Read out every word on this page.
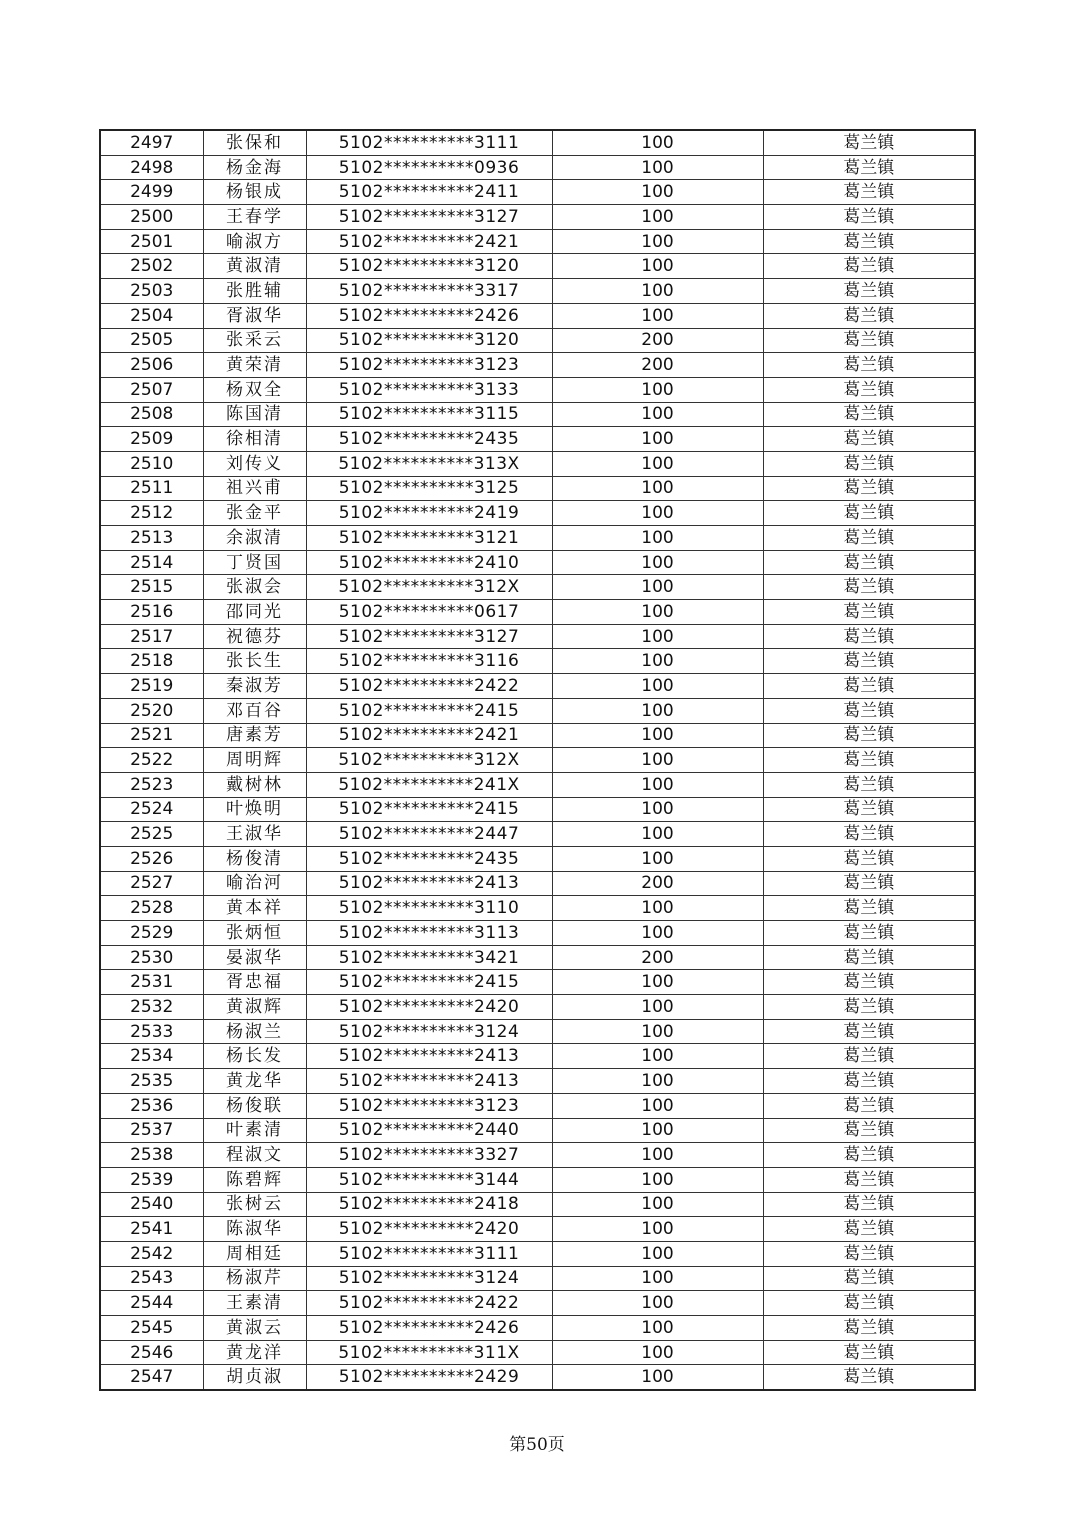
2497	张保和	5102**********3111	100	葛兰镇
2498	杨金海	5102**********0936	100	葛兰镇
2499	杨银成	5102**********2411	100	葛兰镇
2500	王春学	5102**********3127	100	葛兰镇
2501	喻淑方	5102**********2421	100	葛兰镇
2502	黄淑清	5102**********3120	100	葛兰镇
2503	张胜辅	5102**********3317	100	葛兰镇
2504	胥淑华	5102**********2426	100	葛兰镇
2505	张采云	5102**********3120	200	葛兰镇
2506	黄荣清	5102**********3123	200	葛兰镇
2507	杨双全	5102**********3133	100	葛兰镇
2508	陈国清	5102**********3115	100	葛兰镇
2509	徐相清	5102**********2435	100	葛兰镇
2510	刘传义	5102**********313X	100	葛兰镇
2511	祖兴甫	5102**********3125	100	葛兰镇
2512	张金平	5102**********2419	100	葛兰镇
2513	余淑清	5102**********3121	100	葛兰镇
2514	丁贤国	5102**********2410	100	葛兰镇
2515	张淑会	5102**********312X	100	葛兰镇
2516	邵同光	5102**********0617	100	葛兰镇
2517	祝德芬	5102**********3127	100	葛兰镇
2518	张长生	5102**********3116	100	葛兰镇
2519	秦淑芳	5102**********2422	100	葛兰镇
2520	邓百谷	5102**********2415	100	葛兰镇
2521	唐素芳	5102**********2421	100	葛兰镇
2522	周明辉	5102**********312X	100	葛兰镇
2523	戴树林	5102**********241X	100	葛兰镇
2524	叶焕明	5102**********2415	100	葛兰镇
2525	王淑华	5102**********2447	100	葛兰镇
2526	杨俊清	5102**********2435	100	葛兰镇
2527	喻治河	5102**********2413	200	葛兰镇
2528	黄本祥	5102**********3110	100	葛兰镇
2529	张炳恒	5102**********3113	100	葛兰镇
2530	晏淑华	5102**********3421	200	葛兰镇
2531	胥忠福	5102**********2415	100	葛兰镇
2532	黄淑辉	5102**********2420	100	葛兰镇
2533	杨淑兰	5102**********3124	100	葛兰镇
2534	杨长发	5102**********2413	100	葛兰镇
2535	黄龙华	5102**********2413	100	葛兰镇
2536	杨俊联	5102**********3123	100	葛兰镇
2537	叶素清	5102**********2440	100	葛兰镇
2538	程淑文	5102**********3327	100	葛兰镇
2539	陈碧辉	5102**********3144	100	葛兰镇
2540	张树云	5102**********2418	100	葛兰镇
2541	陈淑华	5102**********2420	100	葛兰镇
2542	周相廷	5102**********3111	100	葛兰镇
2543	杨淑芹	5102**********3124	100	葛兰镇
2544	王素清	5102**********2422	100	葛兰镇
2545	黄淑云	5102**********2426	100	葛兰镇
2546	黄龙洋	5102**********311X	100	葛兰镇
2547	胡贞淑	5102**********2429	100	葛兰镇
第50页
